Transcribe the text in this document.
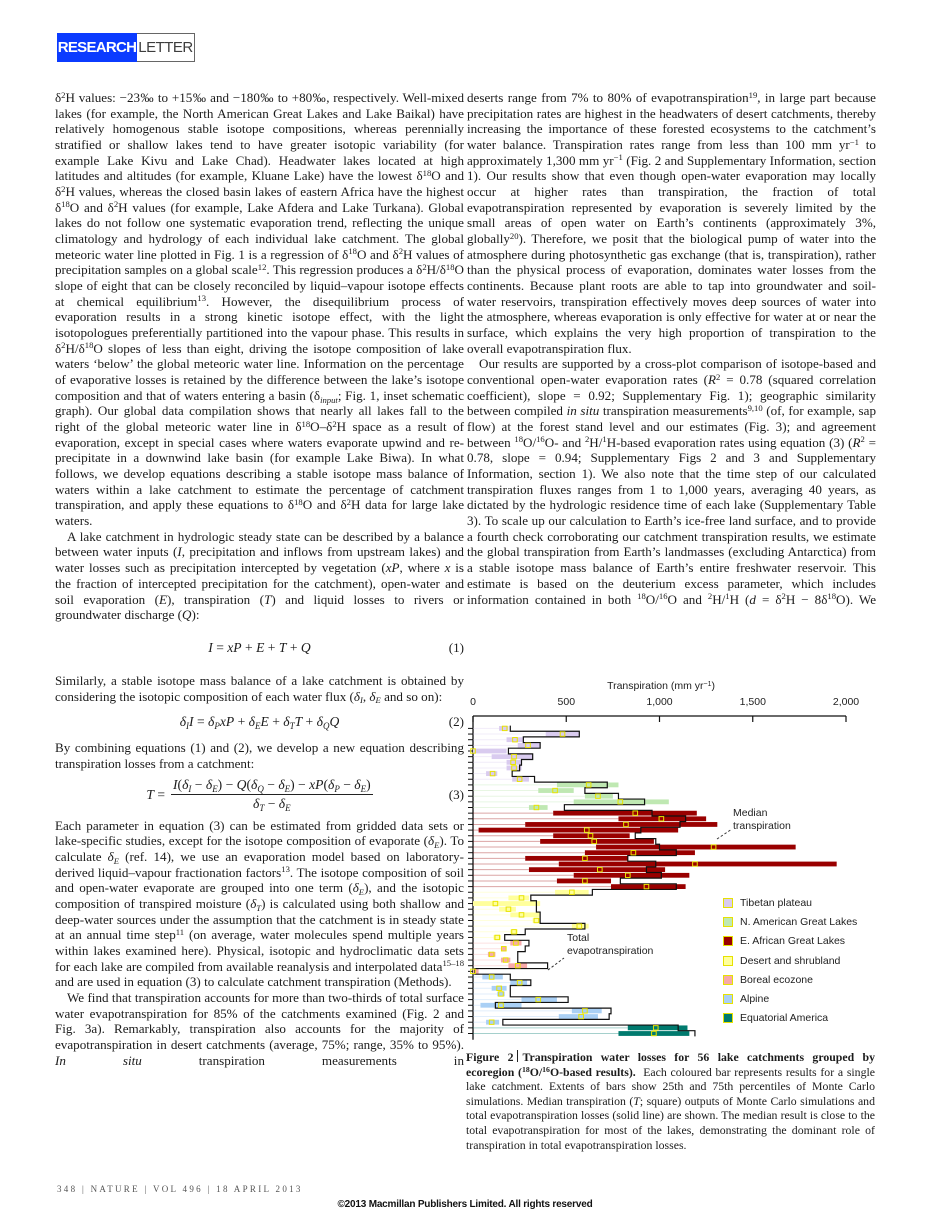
RESEARCH LETTER

$\delta^2H$ values: −23‰ to +15‰ and −180‰ to +80‰, respectively. Well-mixed lakes (for example, the North American Great Lakes and Lake Baikal) have relatively homogenous stable isotope compositions, whereas perennially stratified or shallow lakes tend to have greater isotopic variability (for example Lake Kivu and Lake Chad). Headwater lakes located at high latitudes and altitudes (for example, Kluane Lake) have the lowest $\delta^{18}O$ and $\delta^2H$ values, whereas the closed basin lakes of eastern Africa have the highest $\delta^{18}O$ and $\delta^2H$ values (for example, Lake Afdera and Lake Turkana). Global lakes do not follow one systematic evaporation trend, reflecting the unique climatology and hydrology of each individual lake catchment. The global meteoric water line plotted in Fig. 1 is a regression of $\delta^{18}O$ and $\delta^2H$ values of precipitation samples on a global scale$^{12}$. This regression produces a $\delta^2H/\delta^{18}O$ slope of eight that can be closely reconciled by liquid–vapour isotope effects at chemical equilibrium$^{13}$. However, the disequilibrium process of evaporation results in a strong kinetic isotope effect, with the light isotopologues preferentially partitioned into the vapour phase. This results in $\delta^2H/\delta^{18}O$ slopes of less than eight, driving the isotope composition of lake waters ‘below’ the global meteoric water line. Information on the percentage of evaporative losses is retained by the difference between the lake’s isotope composition and that of waters entering a basin ($\delta_{input}$; Fig. 1, inset schematic graph). Our global data compilation shows that nearly all lakes fall to the right of the global meteoric water line in $\delta^{18}O-\delta^2H$ space as a result of evaporation, except in special cases where waters evaporate upwind and re-precipitate in a downwind lake basin (for example Lake Biwa). In what follows, we develop equations describing a stable isotope mass balance of waters within a lake catchment to estimate the percentage of catchment transpiration, and apply these equations to $\delta^{18}O$ and $\delta^2H$ data for large lake waters.

A lake catchment in hydrologic steady state can be described by a balance between water inputs (I, precipitation and inflows from upstream lakes) and water losses such as precipitation intercepted by vegetation (xP, where x is the fraction of intercepted precipitation for the catchment), open-water and soil evaporation (E), transpiration (T) and liquid losses to rivers or groundwater discharge (Q):

I = xP + E + T + Q	(1)

Similarly, a stable isotope mass balance of a lake catchment is obtained by considering the isotopic composition of each water flux ($\delta_I$, $\delta_E$ and so on):

$\delta_II = \delta_PxP + \delta_EE + \delta_TT + \delta_QQ$	(2)

By combining equations (1) and (2), we develop a new equation describing transpiration losses from a catchment:

$T = \frac{I(\delta_I - \delta_E) - Q(\delta_Q - \delta_E) - xP(\delta_P - \delta_E)}{\delta_T - \delta_E}$	(3)

Each parameter in equation (3) can be estimated from gridded data sets or lake-specific studies, except for the isotope composition of evaporate $(\delta_E)$. To calculate $\delta_E$ (ref. 14), we use an evaporation model based on laboratory-derived liquid–vapour fractionation factors$^{13}$. The isotope composition of soil and open-water evaporate are grouped into one term $(\delta_E)$, and the isotopic composition of transpired moisture $(\delta_T)$ is calculated using both shallow and deep-water sources under the assumption that the catchment is in steady state at an annual time step$^{11}$ (on average, water molecules spend multiple years within lakes examined here). Physical, isotopic and hydroclimatic data sets for each lake are compiled from available reanalysis and interpolated data$^{15-18}$ and are used in equation (3) to calculate catchment transpiration (Methods).

We find that transpiration accounts for more than two-thirds of total surface water evapotranspiration for 85% of the catchments examined (Fig. 2 and Fig. 3a). Remarkably, transpiration also accounts for the majority of evapotranspiration in desert catchments (average, 75%; range, 35% to 95%). In situ transpiration measurements in

deserts range from 7% to 80% of evapotranspiration$^{19}$, in large part because precipitation rates are highest in the headwaters of desert catchments, thereby increasing the importance of these forested ecosystems to the catchment’s water balance. Transpiration rates range from less than 100 mm $yr^{-1}$ to approximately 1,300 mm $yr^{-1}$ (Fig. 2 and Supplementary Information, section 1). Our results show that even though open-water evaporation may locally occur at higher rates than transpiration, the fraction of total evapotranspiration represented by evaporation is severely limited by the small areas of open water on Earth’s continents (approximately 3%, globally$^{20}$). Therefore, we posit that the biological pump of water into the atmosphere during photosynthetic gas exchange (that is, transpiration), rather than the physical process of evaporation, dominates water losses from the continents. Because plant roots are able to tap into groundwater and soil-water reservoirs, transpiration effectively moves deep sources of water into the atmosphere, whereas evaporation is only effective for water at or near the surface, which explains the very high proportion of transpiration to the overall evapotranspiration flux.

Our results are supported by a cross-plot comparison of isotope-based and conventional open-water evaporation rates ($R^2 = 0.78$ (squared correlation coefficient), slope = 0.92; Supplementary Fig. 1); geographic similarity between compiled in situ transpiration measurements$^{9,10}$ (of, for example, sap flow) at the forest stand level and our estimates (Fig. 3); and agreement between $^{18}$O/$^{16}$O- and $^2$H/$^1$H-based evaporation rates using equation (3) ($R^2 = 0.78$, slope = 0.94; Supplementary Figs 2 and 3 and Supplementary Information, section 1). We also note that the time step of our calculated transpiration fluxes ranges from 1 to 1,000 years, averaging 40 years, as dictated by the hydrologic residence time of each lake (Supplementary Table 3). To scale up our calculation to Earth’s ice-free land surface, and to provide a fourth check corroborating our catchment transpiration results, we estimate the global transpiration from Earth’s landmasses (excluding Antarctica) from a stable isotope mass balance of Earth’s entire freshwater reservoir. This estimate is based on the deuterium excess parameter, which includes information contained in both $^{18}$O/$^{16}$O and $^2$H/$^1$H $(d = \delta^2H - 8\delta^{18}O)$. We

Transpiration (mm $yr^{-1}$)
0	500	1,000	1,500	2,000
Median
transpiration
Total
evapotranspiration
Tibetan plateau
N. American Great Lakes
E. African Great Lakes
Desert and shrubland
Boreal ecozone
Alpine
Equatorial America
Figure 2 Transpiration water losses for 56 lake catchments grouped by ecoregion ($^{18}$O/$^{16}$O-based results). Each coloured bar represents results for a single lake catchment. Extents of bars show 25th and 75th percentiles of Monte Carlo simulations. Median transpiration (T; square) outputs of Monte Carlo simulations and total evapotranspiration losses (solid line) are shown. The median result is close to the total evapotranspiration for most of the lakes, demonstrating the dominant role of transpiration in total evapotranspiration losses.
348 | NATURE | VOL 496 | 18 APRIL 2013
©2013 Macmillan Publishers Limited. All rights reserved
